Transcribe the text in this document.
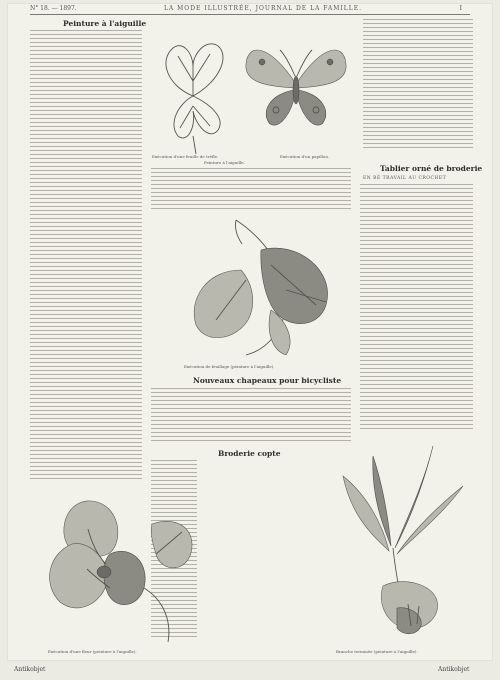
N° 18. — 1897.	LA MODE ILLUSTRÉE, JOURNAL DE LA FAMILLE.	I
Peinture à l'aiguille
Tablier orné de broderie
EN BÉ TRAVAIL AU CROCHET
Nouveaux chapeaux pour bicycliste
Broderie copte
Exécution d'une feuille de trèfle.
Peinture à l'aiguille.
Exécution d'un papillon.
Exécution de feuillage (peinture à l'aiguille).
Exécution d'une fleur (peinture à l'aiguille).	Branche terminée (peinture à l'aiguille).
Antikobjet	Antikobjet
